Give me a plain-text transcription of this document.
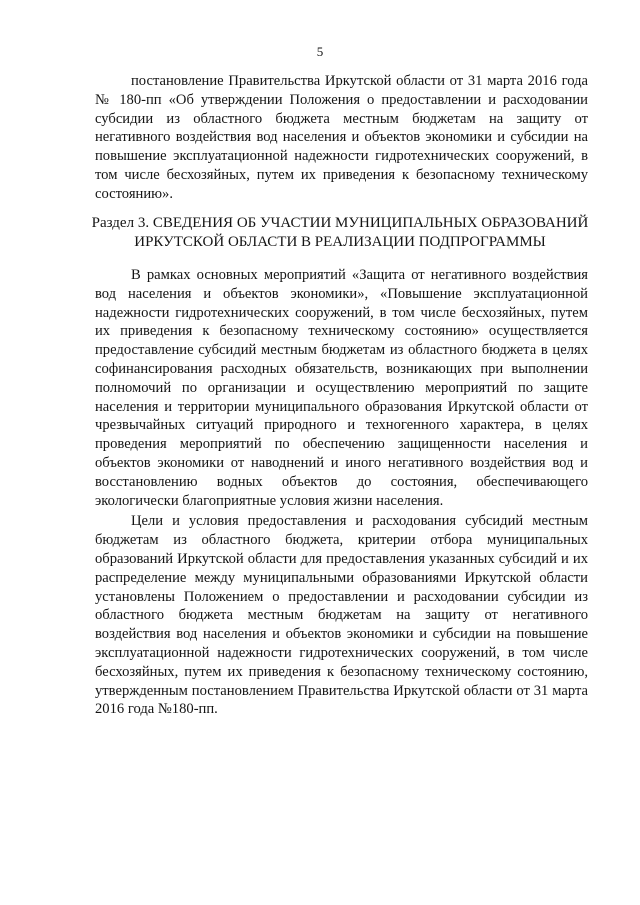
5

постановление Правительства Иркутской области от 31 марта 2016 года № 180-пп «Об утверждении Положения о предоставлении и расходовании субсидии из областного бюджета местным бюджетам на защиту от негативного воздействия вод населения и объектов экономики и субсидии на повышение эксплуатационной надежности гидротехнических сооружений, в том числе бесхозяйных, путем их приведения к безопасному техническому состоянию».

Раздел 3. СВЕДЕНИЯ ОБ УЧАСТИИ МУНИЦИПАЛЬНЫХ ОБРАЗОВАНИЙ ИРКУТСКОЙ ОБЛАСТИ В РЕАЛИЗАЦИИ ПОДПРОГРАММЫ

В рамках основных мероприятий «Защита от негативного воздействия вод населения и объектов экономики», «Повышение эксплуатационной надежности гидротехнических сооружений, в том числе бесхозяйных, путем их приведения к безопасному техническому состоянию» осуществляется предоставление субсидий местным бюджетам из областного бюджета в целях софинансирования расходных обязательств, возникающих при выполнении полномочий по организации и осуществлению мероприятий по защите населения и территории муниципального образования Иркутской области от чрезвычайных ситуаций природного и техногенного характера, в целях проведения мероприятий по обеспечению защищенности населения и объектов экономики от наводнений и иного негативного воздействия вод и восстановлению водных объектов до состояния, обеспечивающего экологически благоприятные условия жизни населения.

Цели и условия предоставления и расходования субсидий местным бюджетам из областного бюджета, критерии отбора муниципальных образований Иркутской области для предоставления указанных субсидий и их распределение между муниципальными образованиями Иркутской области установлены Положением о предоставлении и расходовании субсидии из областного бюджета местным бюджетам на защиту от негативного воздействия вод населения и объектов экономики и субсидии на повышение эксплуатационной надежности гидротехнических сооружений, в том числе бесхозяйных, путем их приведения к безопасному техническому состоянию, утвержденным постановлением Правительства Иркутской области от 31 марта 2016 года №180-пп.
